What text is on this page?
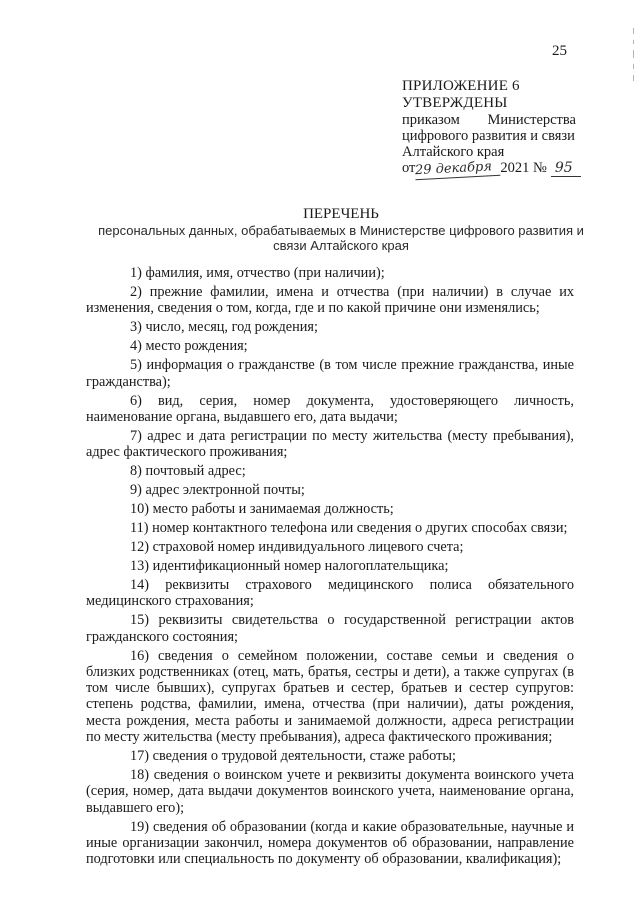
25
ПРИЛОЖЕНИЕ 6
УТВЕРЖДЕНЫ
приказом Министерства
цифрового развития и связи
Алтайского края
от 29 декабря 2021 № 95
ПЕРЕЧЕНЬ
персональных данных, обрабатываемых в Министерстве цифрового развития и связи Алтайского края

1) фамилия, имя, отчество (при наличии);

2) прежние фамилии, имена и отчества (при наличии) в случае их изменения, сведения о том, когда, где и по какой причине они изменялись;

3) число, месяц, год рождения;

4) место рождения;

5) информация о гражданстве (в том числе прежние гражданства, иные гражданства);

6) вид, серия, номер документа, удостоверяющего личность, наименование органа, выдавшего его, дата выдачи;

7) адрес и дата регистрации по месту жительства (месту пребывания), адрес фактического проживания;

8) почтовый адрес;

9) адрес электронной почты;

10) место работы и занимаемая должность;

11) номер контактного телефона или сведения о других способах связи;

12) страховой номер индивидуального лицевого счета;

13) идентификационный номер налогоплательщика;

14) реквизиты страхового медицинского полиса обязательного медицинского страхования;

15) реквизиты свидетельства о государственной регистрации актов гражданского состояния;

16) сведения о семейном положении, составе семьи и сведения о близких родственниках (отец, мать, братья, сестры и дети), а также супругах (в том числе бывших), супругах братьев и сестер, братьев и сестер супругов: степень родства, фамилии, имена, отчества (при наличии), даты рождения, места рождения, места работы и занимаемой должности, адреса регистрации по месту жительства (месту пребывания), адреса фактического проживания;

17) сведения о трудовой деятельности, стаже работы;

18) сведения о воинском учете и реквизиты документа воинского учета (серия, номер, дата выдачи документов воинского учета, наименование органа, выдавшего его);

19) сведения об образовании (когда и какие образовательные, научные и иные организации закончил, номера документов об образовании, направление подготовки или специальность по документу об образовании, квалификация);
